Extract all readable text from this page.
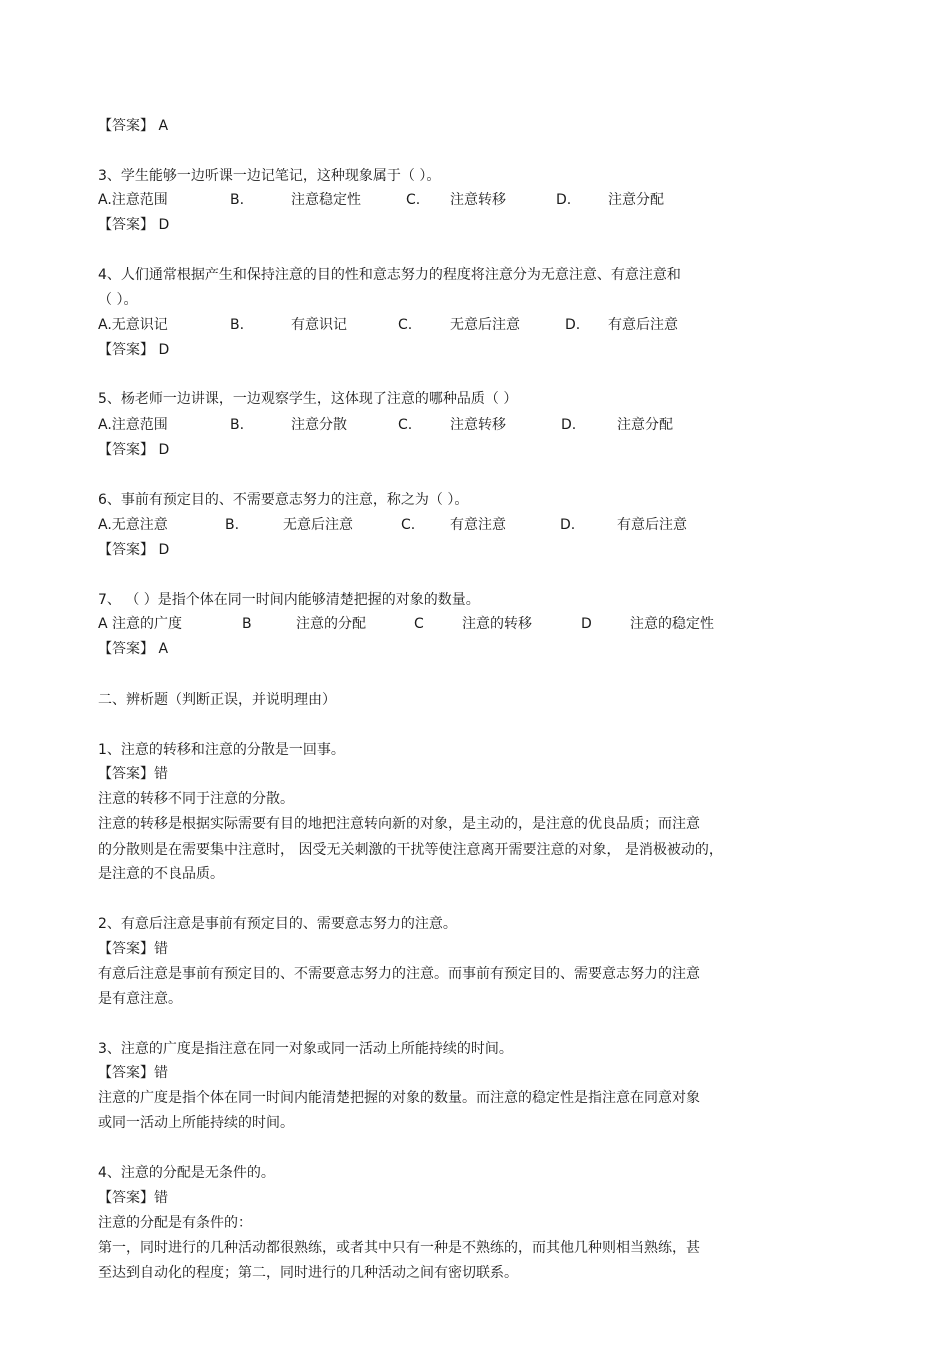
【答案】 A
3、学生能够一边听课一边记笔记，这种现象属于（ ）。
A.注意范围	B.	注意稳定性	C. 注意转移	D.	注意分配
【答案】 D
4、人们通常根据产生和保持注意的目的性和意志努力的程度将注意分为无意注意、有意注意和
（ ）。
A.无意识记	B.	有意识记	C.	无意后注意	D. 有意后注意
【答案】 D
5、杨老师一边讲课，一边观察学生，这体现了注意的哪种品质（ ）
A.注意范围	B.	注意分散	C.	注意转移	D.	注意分配
【答案】 D
6、事前有预定目的、不需要意志努力的注意，称之为（ ）。
A.无意注意	B.	无意后注意	C. 有意注意	D.	有意后注意
【答案】 D
7、 （ ）是指个体在同一时间内能够清楚把握的对象的数量。
A 注意的广度	B	注意的分配	C	注意的转移	D	注意的稳定性
【答案】 A
二、辨析题（判断正误，并说明理由）
1、注意的转移和注意的分散是一回事。
【答案】错
注意的转移不同于注意的分散。
注意的转移是根据实际需要有目的地把注意转向新的对象，是主动的，是注意的优良品质；而注意
的分散则是在需要集中注意时， 因受无关刺激的干扰等使注意离开需要注意的对象， 是消极被动的，
是注意的不良品质。
2、有意后注意是事前有预定目的、需要意志努力的注意。
【答案】错
有意后注意是事前有预定目的、不需要意志努力的注意。而事前有预定目的、需要意志努力的注意
是有意注意。
3、注意的广度是指注意在同一对象或同一活动上所能持续的时间。
【答案】错
注意的广度是指个体在同一时间内能清楚把握的对象的数量。而注意的稳定性是指注意在同意对象
或同一活动上所能持续的时间。
4、注意的分配是无条件的。
【答案】错
注意的分配是有条件的：
第一，同时进行的几种活动都很熟练，或者其中只有一种是不熟练的，而其他几种则相当熟练，甚
至达到自动化的程度；第二，同时进行的几种活动之间有密切联系。
